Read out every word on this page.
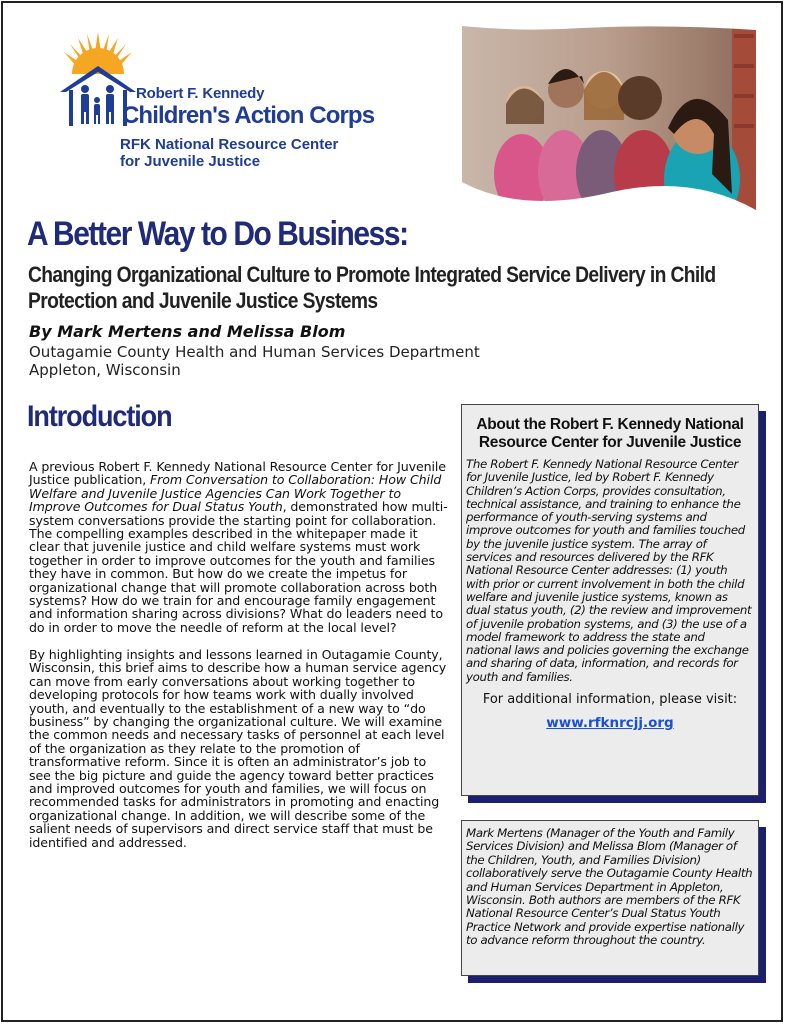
Robert F. Kennedy
Children's Action Corps
RFK National Resource Center
for Juvenile Justice
A Better Way to Do Business:
Changing Organizational Culture to Promote Integrated Service Delivery in Child Protection and Juvenile Justice Systems
By Mark Mertens and Melissa Blom
Outagamie County Health and Human Services Department
Appleton, Wisconsin
Introduction

A previous Robert F. Kennedy National Resource Center for Juvenile Justice publication, From Conversation to Collaboration: How Child Welfare and Juvenile Justice Agencies Can Work Together to Improve Outcomes for Dual Status Youth, demonstrated how multi-system conversations provide the starting point for collaboration. The compelling examples described in the whitepaper made it clear that juvenile justice and child welfare systems must work together in order to improve outcomes for the youth and families they have in common. But how do we create the impetus for organizational change that will promote collaboration across both systems? How do we train for and encourage family engagement and information sharing across divisions? What do leaders need to do in order to move the needle of reform at the local level?

By highlighting insights and lessons learned in Outagamie County, Wisconsin, this brief aims to describe how a human service agency can move from early conversations about working together to developing protocols for how teams work with dually involved youth, and eventually to the establishment of a new way to “do business” by changing the organizational culture. We will examine the common needs and necessary tasks of personnel at each level of the organization as they relate to the promotion of transformative reform. Since it is often an administrator’s job to see the big picture and guide the agency toward better practices and improved outcomes for youth and families, we will focus on recommended tasks for administrators in promoting and enacting organizational change. In addition, we will describe some of the salient needs of supervisors and direct service staff that must be identified and addressed.

About the Robert F. Kennedy National Resource Center for Juvenile Justice
The Robert F. Kennedy National Resource Center for Juvenile Justice, led by Robert F. Kennedy Children’s Action Corps, provides consultation, technical assistance, and training to enhance the performance of youth-serving systems and improve outcomes for youth and families touched by the juvenile justice system. The array of services and resources delivered by the RFK National Resource Center addresses: (1) youth with prior or current involvement in both the child welfare and juvenile justice systems, known as dual status youth, (2) the review and improvement of juvenile probation systems, and (3) the use of a model framework to address the state and national laws and policies governing the exchange and sharing of data, information, and records for youth and families.
For additional information, please visit:
www.rfknrcjj.org
Mark Mertens (Manager of the Youth and Family Services Division) and Melissa Blom (Manager of the Children, Youth, and Families Division) collaboratively serve the Outagamie County Health and Human Services Department in Appleton, Wisconsin. Both authors are members of the RFK National Resource Center’s Dual Status Youth Practice Network and provide expertise nationally to advance reform throughout the country.
